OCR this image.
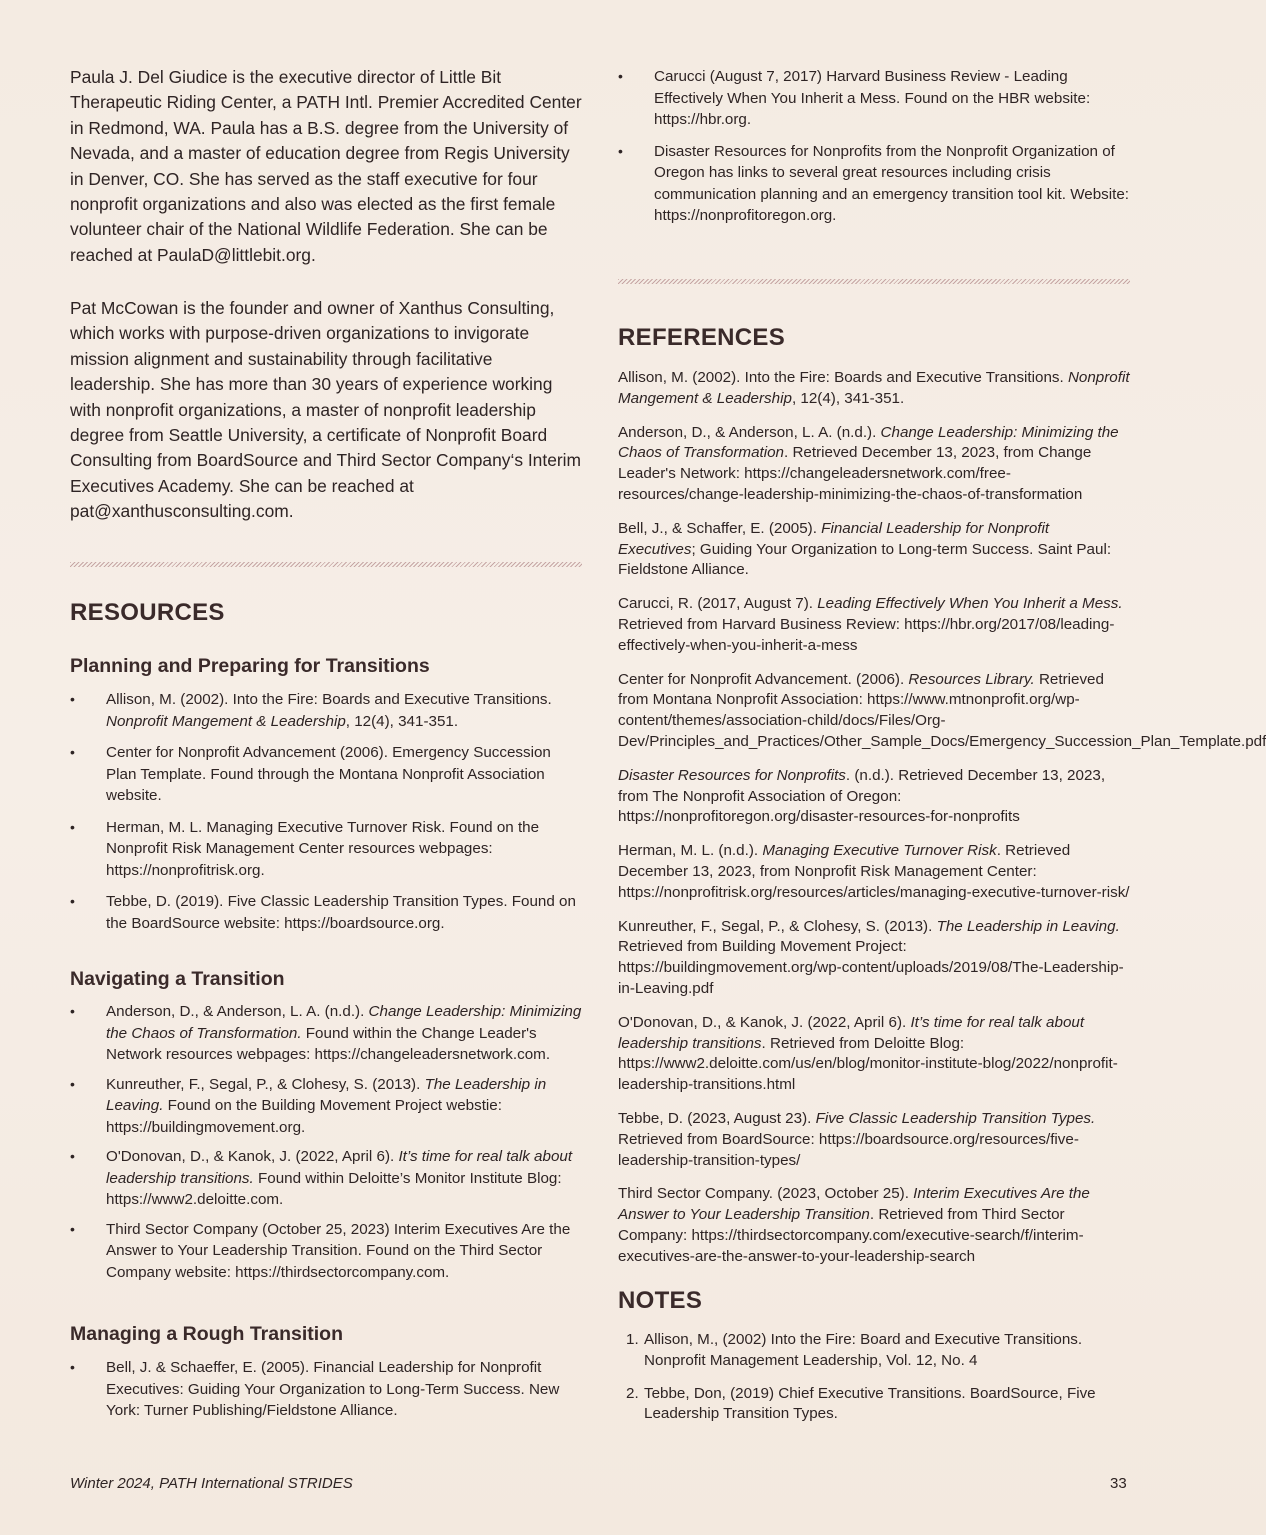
Paula J. Del Giudice is the executive director of Little Bit Therapeutic Riding Center, a PATH Intl. Premier Accredited Center in Redmond, WA. Paula has a B.S. degree from the University of Nevada, and a master of education degree from Regis University in Denver, CO. She has served as the staff executive for four nonprofit organizations and also was elected as the first female volunteer chair of the National Wildlife Federation. She can be reached at PaulaD@littlebit.org.

Pat McCowan is the founder and owner of Xanthus Consulting, which works with purpose-driven organizations to invigorate mission alignment and sustainability through facilitative leadership. She has more than 30 years of experience working with nonprofit organizations, a master of nonprofit leadership degree from Seattle University, a certificate of Nonprofit Board Consulting from BoardSource and Third Sector Company‘s Interim Executives Academy. She can be reached at pat@xanthusconsulting.com.

RESOURCES
Planning and Preparing for Transitions
• Allison, M. (2002). Into the Fire: Boards and Executive Transitions. Nonprofit Mangement & Leadership, 12(4), 341-351.
• Center for Nonprofit Advancement (2006). Emergency Succession Plan Template. Found through the Montana Nonprofit Association website.
• Herman, M. L. Managing Executive Turnover Risk. Found on the Nonprofit Risk Management Center resources webpages: https://nonprofitrisk.org.
• Tebbe, D. (2019). Five Classic Leadership Transition Types. Found on the BoardSource website: https://boardsource.org.
Navigating a Transition
• Anderson, D., & Anderson, L. A. (n.d.). Change Leadership: Minimizing the Chaos of Transformation. Found within the Change Leader's Network resources webpages: https://changeleadersnetwork.com.
• Kunreuther, F., Segal, P., & Clohesy, S. (2013). The Leadership in Leaving. Found on the Building Movement Project webstie: https://buildingmovement.org.
• O'Donovan, D., & Kanok, J. (2022, April 6). It’s time for real talk about leadership transitions. Found within Deloitte’s Monitor Institute Blog: https://www2.deloitte.com.
• Third Sector Company (October 25, 2023) Interim Executives Are the Answer to Your Leadership Transition. Found on the Third Sector Company website: https://thirdsectorcompany.com.
Managing a Rough Transition
• Bell, J. & Schaeffer, E. (2005). Financial Leadership for Nonprofit Executives: Guiding Your Organization to Long-Term Success. New York: Turner Publishing/Fieldstone Alliance.
• Carucci (August 7, 2017) Harvard Business Review - Leading Effectively When You Inherit a Mess. Found on the HBR website: https://hbr.org.
• Disaster Resources for Nonprofits from the Nonprofit Organization of Oregon has links to several great resources including crisis communication planning and an emergency transition tool kit. Website: https://nonprofitoregon.org.
REFERENCES

Allison, M. (2002). Into the Fire: Boards and Executive Transitions. Nonprofit Mangement & Leadership, 12(4), 341-351.

Anderson, D., & Anderson, L. A. (n.d.). Change Leadership: Minimizing the Chaos of Transformation. Retrieved December 13, 2023, from Change Leader's Network: https://changeleadersnetwork.com/free-resources/change-leadership-minimizing-the-chaos-of-transformation

Bell, J., & Schaffer, E. (2005). Financial Leadership for Nonprofit Executives; Guiding Your Organization to Long-term Success. Saint Paul: Fieldstone Alliance.

Carucci, R. (2017, August 7). Leading Effectively When You Inherit a Mess. Retrieved from Harvard Business Review: https://hbr.org/2017/08/leading-effectively-when-you-inherit-a-mess

Center for Nonprofit Advancement. (2006). Resources Library. Retrieved from Montana Nonprofit Association: https://www.mtnonprofit.org/wp-content/themes/association-child/docs/Files/Org-Dev/Principles_and_Practices/Other_Sample_Docs/Emergency_Succession_Plan_Template.pdf

Disaster Resources for Nonprofits. (n.d.). Retrieved December 13, 2023, from The Nonprofit Association of Oregon: https://nonprofitoregon.org/disaster-resources-for-nonprofits

Herman, M. L. (n.d.). Managing Executive Turnover Risk. Retrieved December 13, 2023, from Nonprofit Risk Management Center: https://nonprofitrisk.org/resources/articles/managing-executive-turnover-risk/

Kunreuther, F., Segal, P., & Clohesy, S. (2013). The Leadership in Leaving. Retrieved from Building Movement Project: https://buildingmovement.org/wp-content/uploads/2019/08/The-Leadership-in-Leaving.pdf

O'Donovan, D., & Kanok, J. (2022, April 6). It’s time for real talk about leadership transitions. Retrieved from Deloitte Blog: https://www2.deloitte.com/us/en/blog/monitor-institute-blog/2022/nonprofit-leadership-transitions.html

Tebbe, D. (2023, August 23). Five Classic Leadership Transition Types. Retrieved from BoardSource: https://boardsource.org/resources/five-leadership-transition-types/

Third Sector Company. (2023, October 25). Interim Executives Are the Answer to Your Leadership Transition. Retrieved from Third Sector Company: https://thirdsectorcompany.com/executive-search/f/interim-executives-are-the-answer-to-your-leadership-search

NOTES
1. Allison, M., (2002) Into the Fire: Board and Executive Transitions. Nonprofit Management Leadership, Vol. 12, No. 4
2. Tebbe, Don, (2019) Chief Executive Transitions. BoardSource, Five Leadership Transition Types.
Winter 2024, PATH International STRIDES	33
